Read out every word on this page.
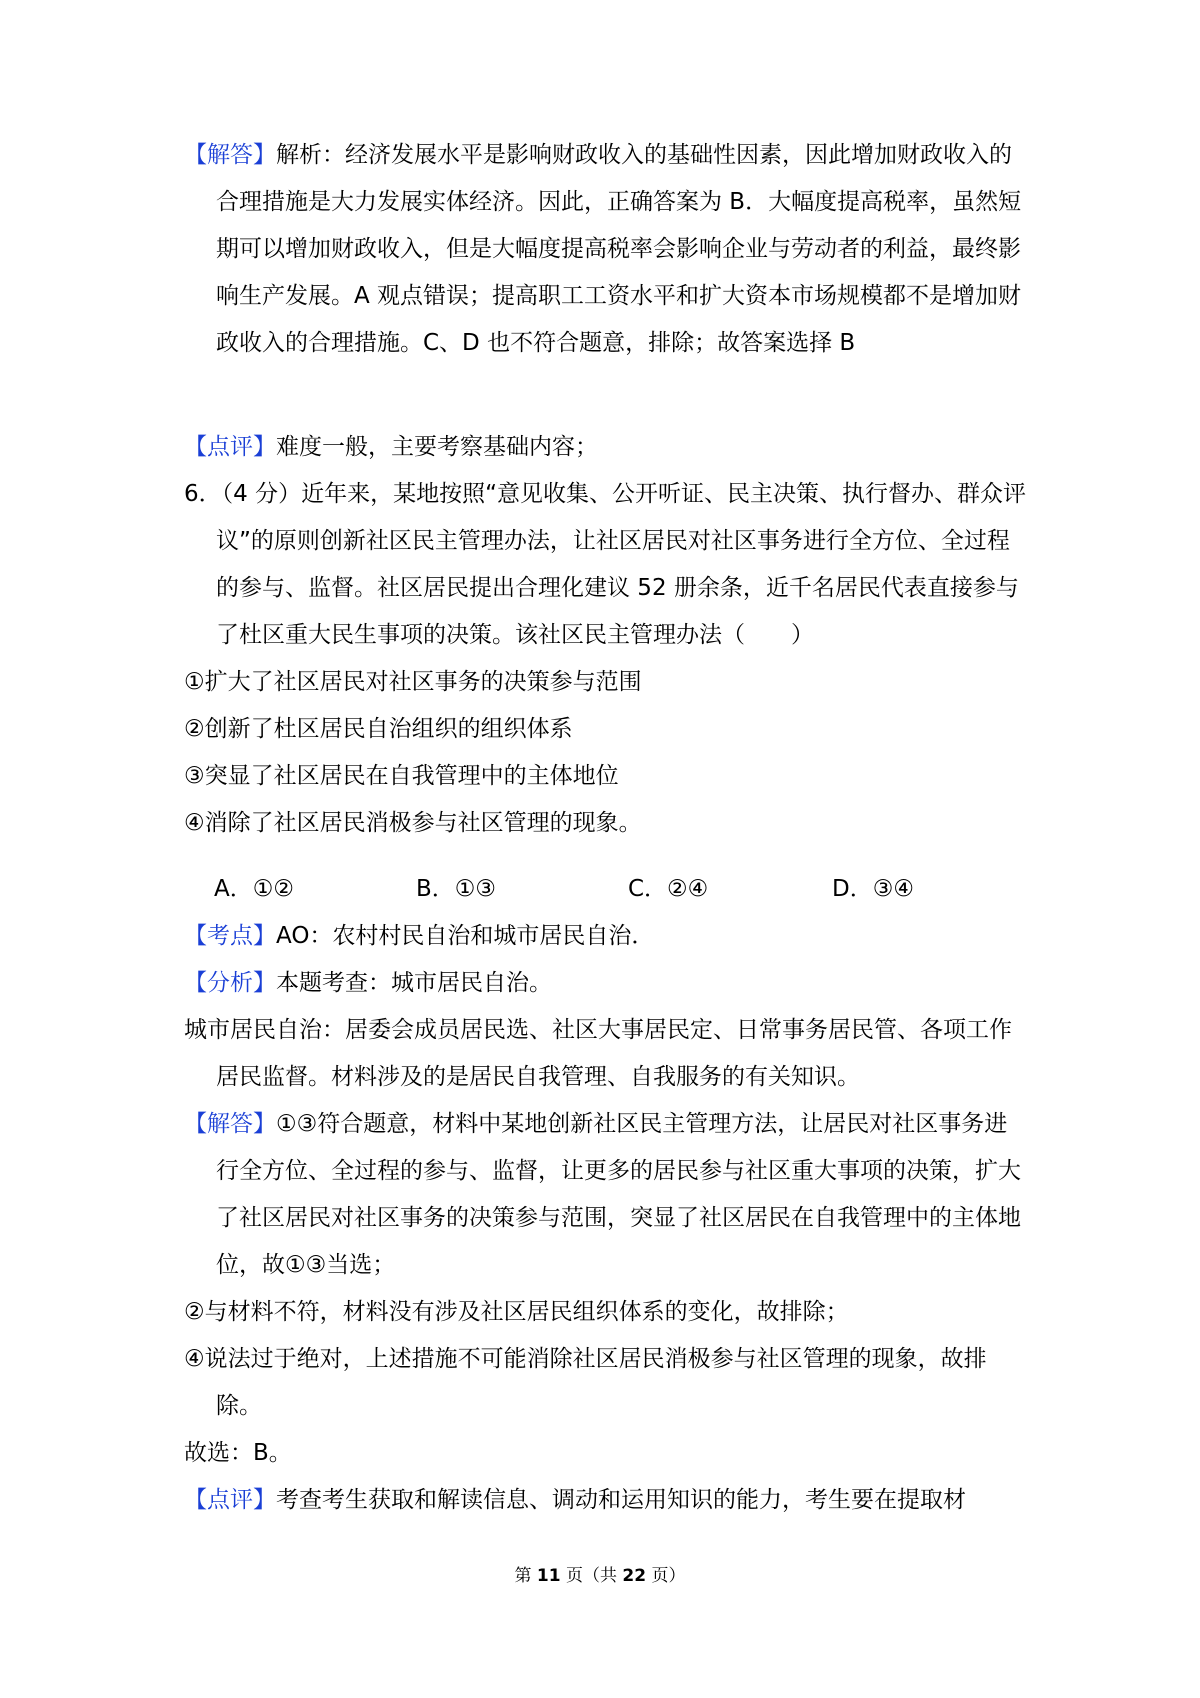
【解答】解析：经济发展水平是影响财政收入的基础性因素，因此增加财政收入的合理措施是大力发展实体经济。因此，正确答案为 B．大幅度提高税率，虽然短期可以增加财政收入，但是大幅度提高税率会影响企业与劳动者的利益，最终影响生产发展。A 观点错误；提高职工工资水平和扩大资本市场规模都不是增加财政收入的合理措施。C、D 也不符合题意，排除；故答案选择 B
【点评】难度一般，主要考察基础内容；
6．（4 分）近年来，某地按照“意见收集、公开听证、民主决策、执行督办、群众评议”的原则创新社区民主管理办法，让社区居民对社区事务进行全方位、全过程的参与、监督。社区居民提出合理化建议 52 册余条，近千名居民代表直接参与了杜区重大民生事项的决策。该社区民主管理办法（　　）
①扩大了社区居民对社区事务的决策参与范围
②创新了杜区居民自治组织的组织体系
③突显了社区居民在自我管理中的主体地位
④消除了社区居民消极参与社区管理的现象。
A．①②	B．①③	C．②④	D．③④
【考点】AO：农村村民自治和城市居民自治．
【分析】本题考查：城市居民自治。
城市居民自治：居委会成员居民选、社区大事居民定、日常事务居民管、各项工作居民监督。材料涉及的是居民自我管理、自我服务的有关知识。
【解答】①③符合题意，材料中某地创新社区民主管理方法，让居民对社区事务进行全方位、全过程的参与、监督，让更多的居民参与社区重大事项的决策，扩大了社区居民对社区事务的决策参与范围，突显了社区居民在自我管理中的主体地位，故①③当选；
②与材料不符，材料没有涉及社区居民组织体系的变化，故排除；
④说法过于绝对，上述措施不可能消除社区居民消极参与社区管理的现象，故排除。
故选：B。
【点评】考查考生获取和解读信息、调动和运用知识的能力，考生要在提取材
第 11 页（共 22 页）
